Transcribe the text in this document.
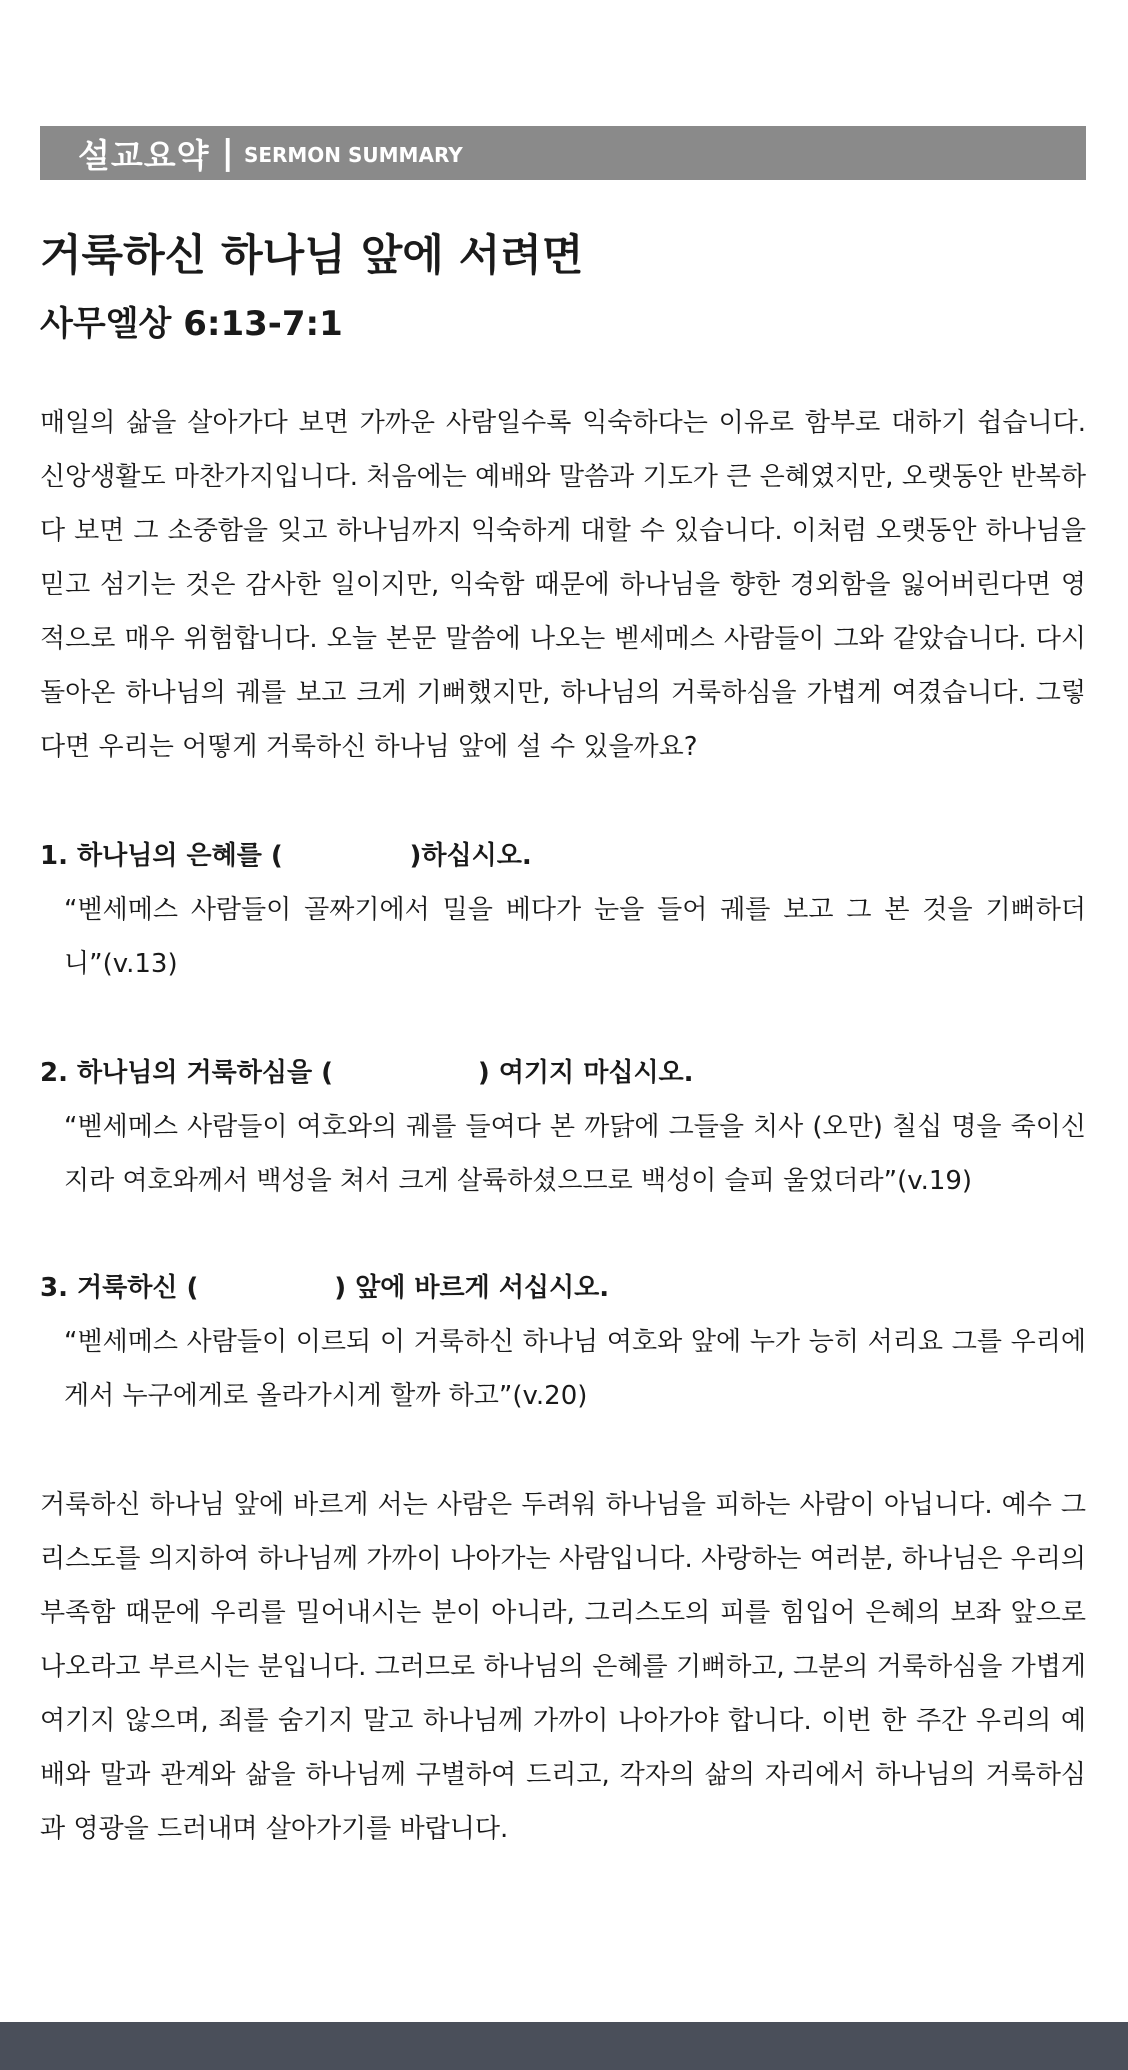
설교요약 | SERMON SUMMARY
거룩하신 하나님 앞에 서려면
사무엘상 6:13-7:1

매일의 삶을 살아가다 보면 가까운 사람일수록 익숙하다는 이유로 함부로 대하기 쉽습니다. 신앙생활도 마찬가지입니다. 처음에는 예배와 말씀과 기도가 큰 은혜였지만, 오랫동안 반복하다 보면 그 소중함을 잊고 하나님까지 익숙하게 대할 수 있습니다. 이처럼 오랫동안 하나님을 믿고 섬기는 것은 감사한 일이지만, 익숙함 때문에 하나님을 향한 경외함을 잃어버린다면 영적으로 매우 위험합니다. 오늘 본문 말씀에 나오는 벧세메스 사람들이 그와 같았습니다. 다시 돌아온 하나님의 궤를 보고 크게 기뻐했지만, 하나님의 거룩하심을 가볍게 여겼습니다. 그렇다면 우리는 어떻게 거룩하신 하나님 앞에 설 수 있을까요?

1. 하나님의 은혜를 (              )하십시오.

“벧세메스 사람들이 골짜기에서 밀을 베다가 눈을 들어 궤를 보고 그 본 것을 기뻐하더니”(v.13)

2. 하나님의 거룩하심을 (                ) 여기지 마십시오.

“벧세메스 사람들이 여호와의 궤를 들여다 본 까닭에 그들을 치사 (오만) 칠십 명을 죽이신지라 여호와께서 백성을 쳐서 크게 살륙하셨으므로 백성이 슬피 울었더라”(v.19)

3. 거룩하신 (               ) 앞에 바르게 서십시오.

“벧세메스 사람들이 이르되 이 거룩하신 하나님 여호와 앞에 누가 능히 서리요 그를 우리에게서 누구에게로 올라가시게 할까 하고”(v.20)

거룩하신 하나님 앞에 바르게 서는 사람은 두려워 하나님을 피하는 사람이 아닙니다. 예수 그리스도를 의지하여 하나님께 가까이 나아가는 사람입니다. 사랑하는 여러분, 하나님은 우리의 부족함 때문에 우리를 밀어내시는 분이 아니라, 그리스도의 피를 힘입어 은혜의 보좌 앞으로 나오라고 부르시는 분입니다. 그러므로 하나님의 은혜를 기뻐하고, 그분의 거룩하심을 가볍게 여기지 않으며, 죄를 숨기지 말고 하나님께 가까이 나아가야 합니다. 이번 한 주간 우리의 예배와 말과 관계와 삶을 하나님께 구별하여 드리고, 각자의 삶의 자리에서 하나님의 거룩하심과 영광을 드러내며 살아가기를 바랍니다.
